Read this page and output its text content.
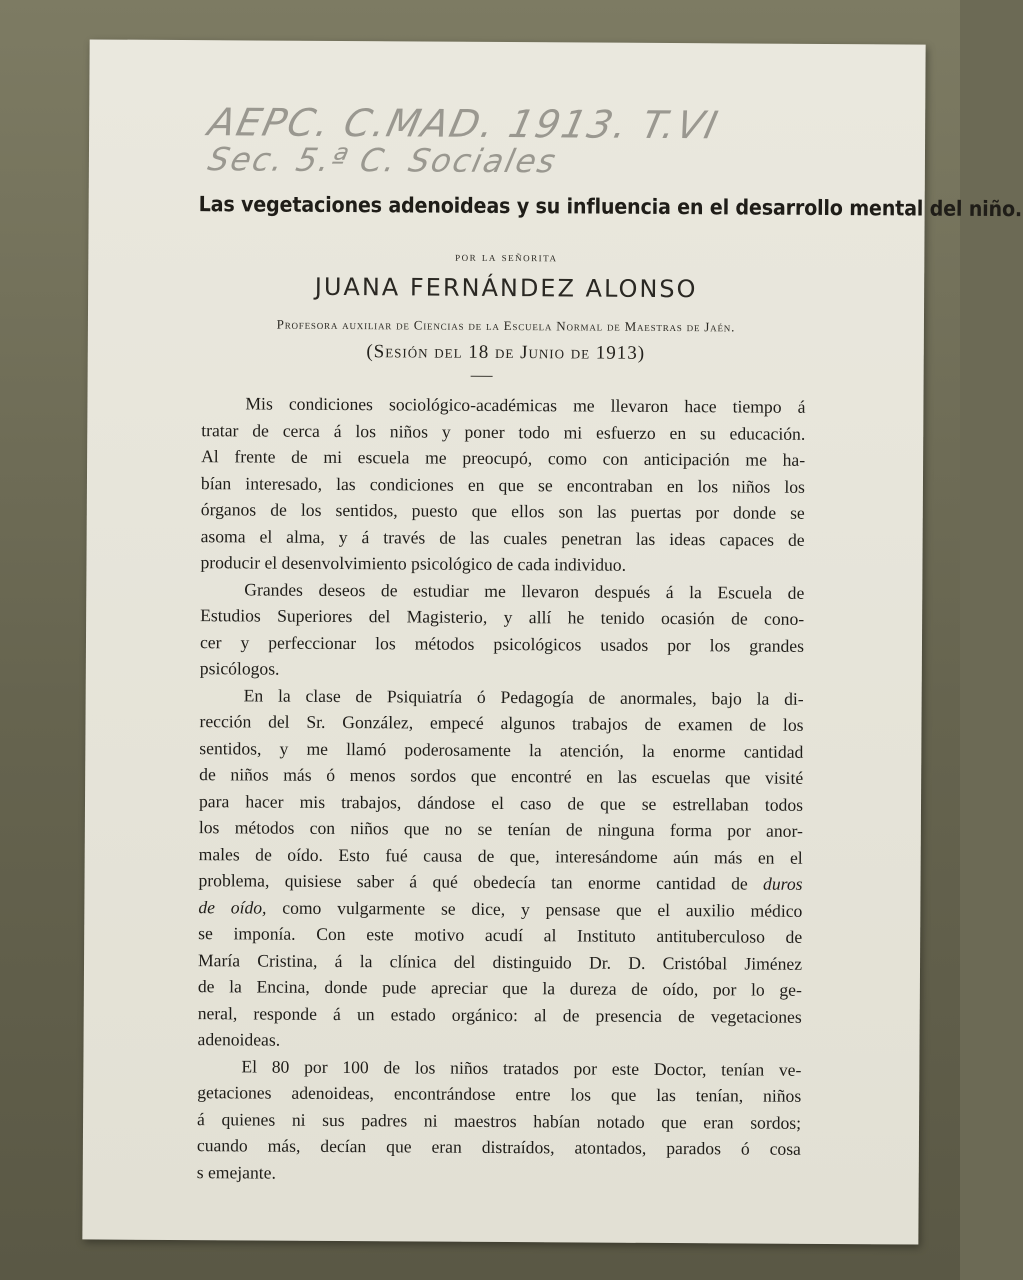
AEPC. C.MAD. 1913. T.VI
Sec. 5.ª C. Sociales
Las vegetaciones adenoideas y su influencia en el desarrollo mental del niño.
por la señorita
JUANA FERNÁNDEZ ALONSO
Profesora auxiliar de Ciencias de la Escuela Normal de Maestras de Jaén.
(Sesión del 18 de Junio de 1913)
Mis condiciones sociológico-académicas me llevaron hace tiempo á
tratar de cerca á los niños y poner todo mi esfuerzo en su educación.
Al frente de mi escuela me preocupó, como con anticipación me ha-
bían interesado, las condiciones en que se encontraban en los niños los
órganos de los sentidos, puesto que ellos son las puertas por donde se
asoma el alma, y á través de las cuales penetran las ideas capaces de
producir el desenvolvimiento psicológico de cada individuo.
Grandes deseos de estudiar me llevaron después á la Escuela de
Estudios Superiores del Magisterio, y allí he tenido ocasión de cono-
cer y perfeccionar los métodos psicológicos usados por los grandes
psicólogos.
En la clase de Psiquiatría ó Pedagogía de anormales, bajo la di-
rección del Sr. González, empecé algunos trabajos de examen de los
sentidos, y me llamó poderosamente la atención, la enorme cantidad
de niños más ó menos sordos que encontré en las escuelas que visité
para hacer mis trabajos, dándose el caso de que se estrellaban todos
los métodos con niños que no se tenían de ninguna forma por anor-
males de oído. Esto fué causa de que, interesándome aún más en el
problema, quisiese saber á qué obedecía tan enorme cantidad de duros
de oído, como vulgarmente se dice, y pensase que el auxilio médico
se imponía. Con este motivo acudí al Instituto antituberculoso de
María Cristina, á la clínica del distinguido Dr. D. Cristóbal Jiménez
de la Encina, donde pude apreciar que la dureza de oído, por lo ge-
neral, responde á un estado orgánico: al de presencia de vegetaciones
adenoideas.
El 80 por 100 de los niños tratados por este Doctor, tenían ve-
getaciones adenoideas, encontrándose entre los que las tenían, niños
á quienes ni sus padres ni maestros habían notado que eran sordos;
cuando más, decían que eran distraídos, atontados, parados ó cosa
s emejante.
